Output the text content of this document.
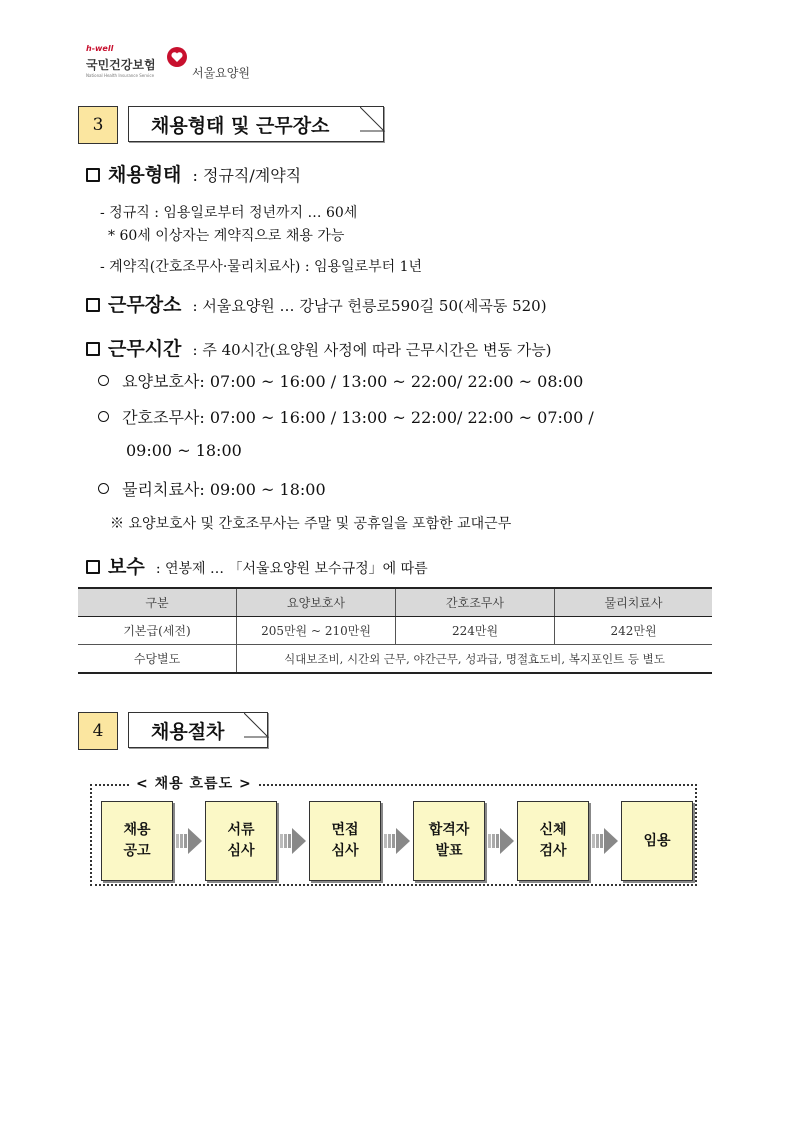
h-well
국민건강보험
National Health Insurance Service	서울요양원
3	채용형태 및 근무장소
채용형태 : 정규직/계약직
- 정규직 : 임용일로부터 정년까지 … 60세
* 60세 이상자는 계약직으로 채용 가능
- 계약직(간호조무사·물리치료사) : 임용일로부터 1년
근무장소 : 서울요양원 … 강남구 헌릉로590길 50(세곡동 520)
근무시간 : 주 40시간(요양원 사정에 따라 근무시간은 변동 가능)
요양보호사: 07:00 ~ 16:00 / 13:00 ~ 22:00/ 22:00 ~ 08:00
간호조무사: 07:00 ~ 16:00 / 13:00 ~ 22:00/ 22:00 ~ 07:00 /
09:00 ~ 18:00
물리치료사: 09:00 ~ 18:00
※ 요양보호사 및 간호조무사는 주말 및 공휴일을 포함한 교대근무
보수 : 연봉제 … 「서울요양원 보수규정」에 따름
구분	요양보호사	간호조무사	물리치료사
기본급(세전)	205만원 ~ 210만원	224만원	242만원
수당별도	식대보조비, 시간외 근무, 야간근무, 성과급, 명절효도비, 복지포인트 등 별도		
4	채용절차
< 채용 흐름도 >
채용
공고
서류
심사
면접
심사
합격자
발표
신체
검사
임용
